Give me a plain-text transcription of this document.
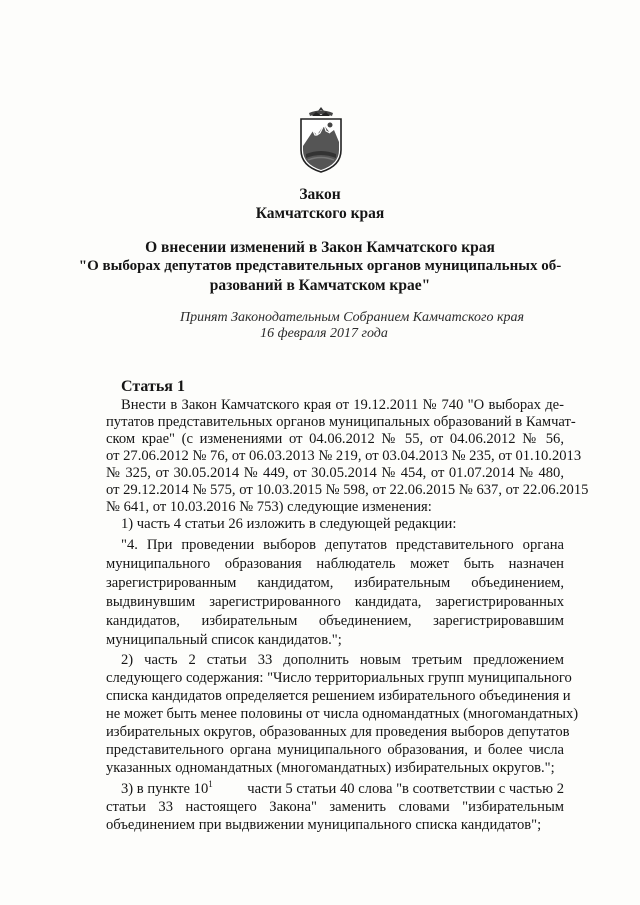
Закон
Камчатского края
О внесении изменений в Закон Камчатского края
"О выборах депутатов представительных органов муниципальных об-
разований в Камчатском крае"
Принят Законодательным Собранием Камчатского края
16 февраля 2017 года
Статья 1
Внести в Закон Камчатского края от 19.12.2011 № 740 "О выборах де-
путатов представительных органов муниципальных образований в Камчат-
ском крае" (с изменениями от 04.06.2012 № 55, от 04.06.2012 № 56,
от 27.06.2012 № 76, от 06.03.2013 № 219, от 03.04.2013 № 235, от 01.10.2013
№ 325, от 30.05.2014 № 449, от 30.05.2014 № 454, от 01.07.2014 № 480,
от 29.12.2014 № 575, от 10.03.2015 № 598, от 22.06.2015 № 637, от 22.06.2015
№ 641, от 10.03.2016 № 753) следующие изменения:
1) часть 4 статьи 26 изложить в следующей редакции:
"4. При проведении выборов депутатов представительного органа
муниципального образования наблюдатель может быть назначен
зарегистрированным кандидатом, избирательным объединением,
выдвинувшим зарегистрированного кандидата, зарегистрированных
кандидатов, избирательным объединением, зарегистрировавшим
муниципальный список кандидатов.";
2) часть 2 статьи 33 дополнить новым третьим предложением
следующего содержания: "Число территориальных групп муниципального
списка кандидатов определяется решением избирательного объединения и
не может быть менее половины от числа одномандатных (многомандатных)
избирательных округов, образованных для проведения выборов депутатов
представительного органа муниципального образования, и более числа
указанных одномандатных (многомандатных) избирательных округов.";
3) в пункте $10^1$ части 5 статьи 40 слова "в соответствии с частью 2
статьи 33 настоящего Закона" заменить словами "избирательным
объединением при выдвижении муниципального списка кандидатов";
